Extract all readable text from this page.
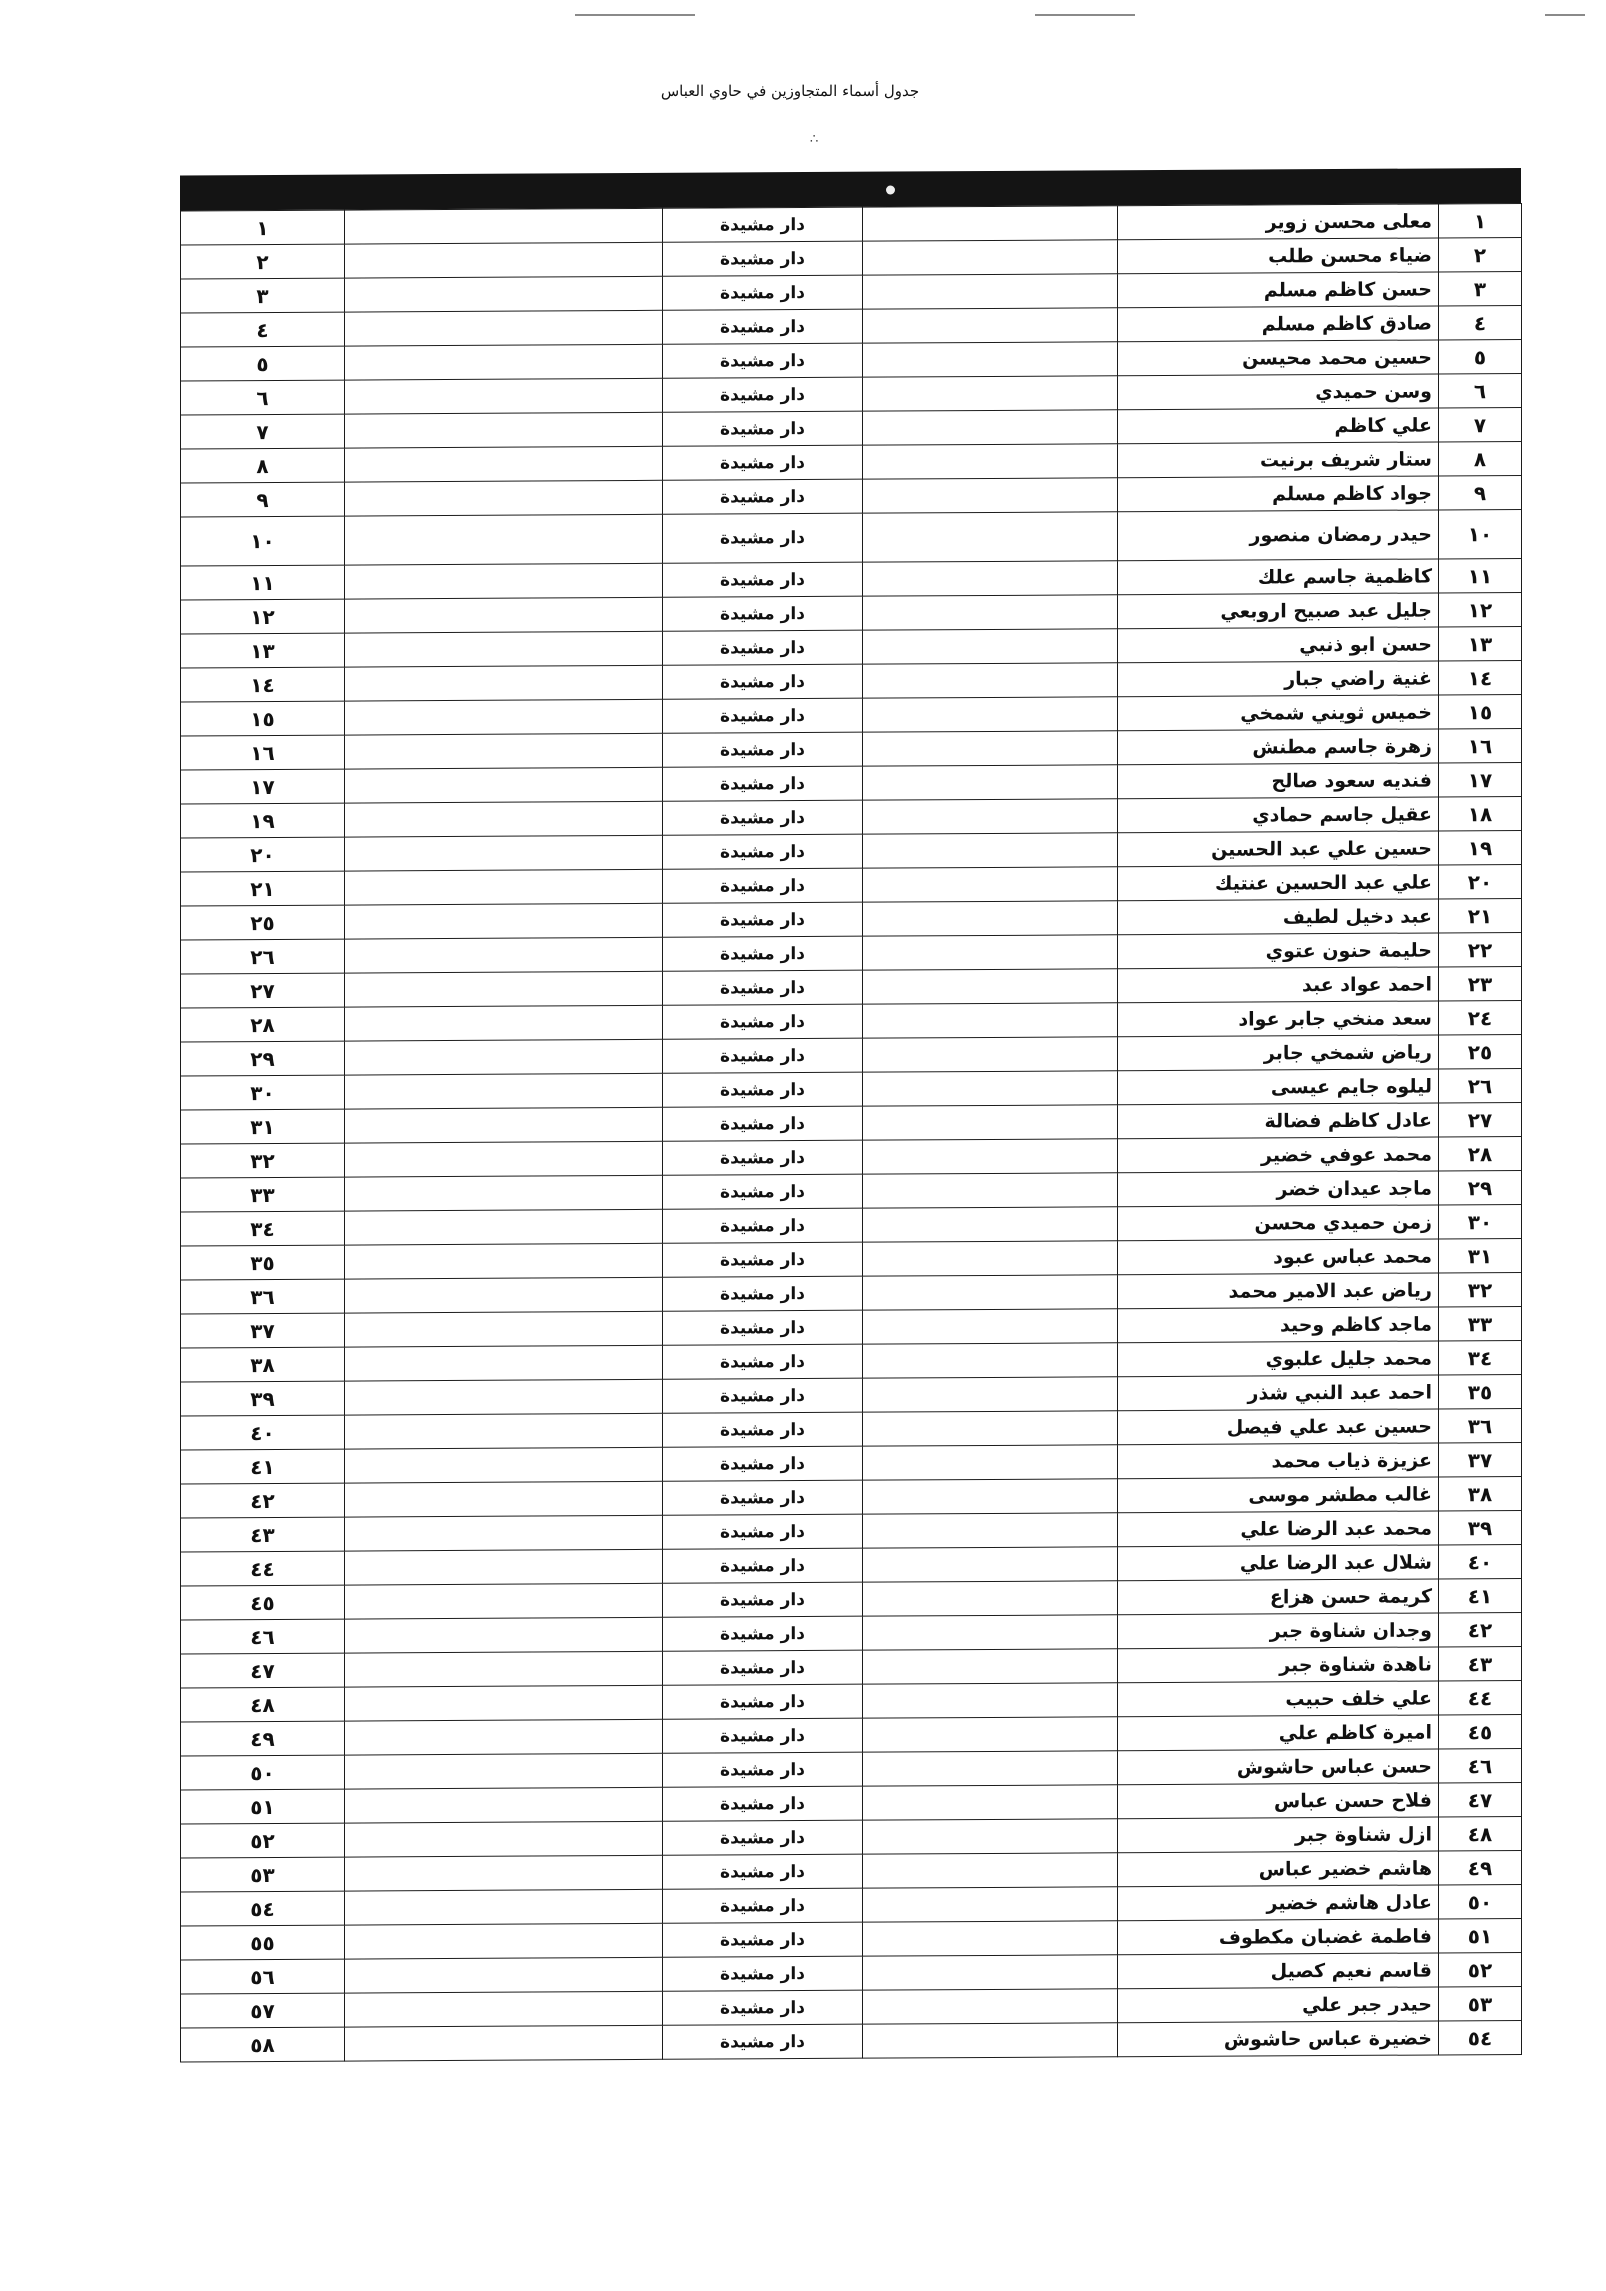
∴
جدول أسماء المتجاوزين في حاوي العباس
١	معلى محسن زوير		دار مشيدة		١
٢	ضياء محسن طلب		دار مشيدة		٢
٣	حسن كاظم مسلم		دار مشيدة		٣
٤	صادق كاظم مسلم		دار مشيدة		٤
٥	حسين محمد محيسن		دار مشيدة		٥
٦	وسن حميدي		دار مشيدة		٦
٧	علي كاظم		دار مشيدة		٧
٨	ستار شريف برنيت		دار مشيدة		٨
٩	جواد كاظم مسلم		دار مشيدة		٩
١٠	حيدر رمضان منصور		دار مشيدة		١٠
١١	كاظمية جاسم علك		دار مشيدة		١١
١٢	جليل عبد صبيح اروبعي		دار مشيدة		١٢
١٣	حسن ابو ذنبي		دار مشيدة		١٣
١٤	غنية راضي جبار		دار مشيدة		١٤
١٥	خميس ثويني شمخي		دار مشيدة		١٥
١٦	زهرة جاسم مطنش		دار مشيدة		١٦
١٧	فنديه سعود صالح		دار مشيدة		١٧
١٨	عقيل جاسم حمادي		دار مشيدة		١٩
١٩	حسين علي عبد الحسين		دار مشيدة		٢٠
٢٠	علي عبد الحسين عنتيك		دار مشيدة		٢١
٢١	عبد دخيل لطيف		دار مشيدة		٢٥
٢٢	حليمة حنون عتوي		دار مشيدة		٢٦
٢٣	احمد عواد عبد		دار مشيدة		٢٧
٢٤	سعد منخي جابر عواد		دار مشيدة		٢٨
٢٥	رياض شمخي جابر		دار مشيدة		٢٩
٢٦	ليلوه جايم عيسى		دار مشيدة		٣٠
٢٧	عادل كاظم فضالة		دار مشيدة		٣١
٢٨	محمد عوفي خضير		دار مشيدة		٣٢
٢٩	ماجد عيدان خضر		دار مشيدة		٣٣
٣٠	زمن حميدي محسن		دار مشيدة		٣٤
٣١	محمد عباس عبود		دار مشيدة		٣٥
٣٢	رياض عبد الامير محمد		دار مشيدة		٣٦
٣٣	ماجد كاظم وحيد		دار مشيدة		٣٧
٣٤	محمد جليل علبوي		دار مشيدة		٣٨
٣٥	احمد عبد النبي شذر		دار مشيدة		٣٩
٣٦	حسين عبد علي فيصل		دار مشيدة		٤٠
٣٧	عزيزة ذياب محمد		دار مشيدة		٤١
٣٨	غالب مطشر موسى		دار مشيدة		٤٢
٣٩	محمد عبد الرضا علي		دار مشيدة		٤٣
٤٠	شلال عبد الرضا علي		دار مشيدة		٤٤
٤١	كريمة حسن هزاع		دار مشيدة		٤٥
٤٢	وجدان شناوة جبر		دار مشيدة		٤٦
٤٣	ناهدة شناوة جبر		دار مشيدة		٤٧
٤٤	علي خلف حبيب		دار مشيدة		٤٨
٤٥	اميرة كاظم علي		دار مشيدة		٤٩
٤٦	حسن عباس حاشوش		دار مشيدة		٥٠
٤٧	فلاح حسن عباس		دار مشيدة		٥١
٤٨	ازل شناوة جبر		دار مشيدة		٥٢
٤٩	هاشم خضير عباس		دار مشيدة		٥٣
٥٠	عادل هاشم خضير		دار مشيدة		٥٤
٥١	فاطمة غضبان مكطوف		دار مشيدة		٥٥
٥٢	قاسم نعيم كصيل		دار مشيدة		٥٦
٥٣	حيدر جبر علي		دار مشيدة		٥٧
٥٤	خضيرة عباس حاشوش		دار مشيدة		٥٨
